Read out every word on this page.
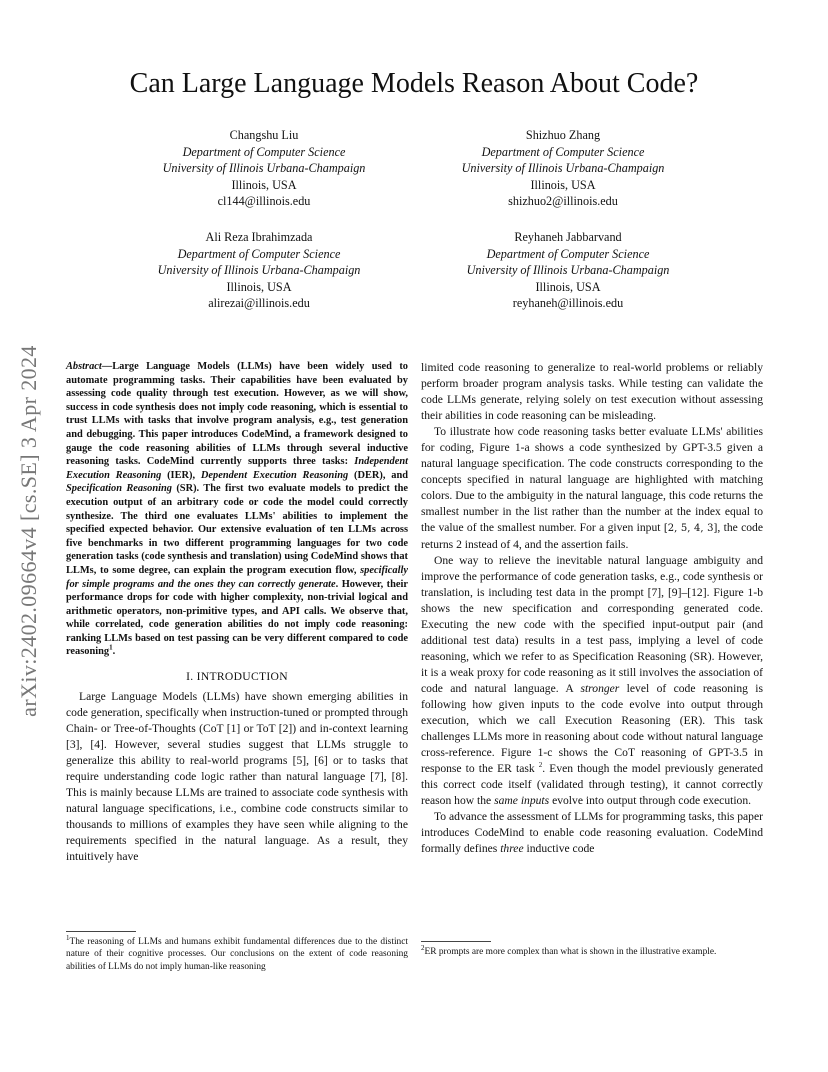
Can Large Language Models Reason About Code?
Changshu Liu
Department of Computer Science
University of Illinois Urbana-Champaign
Illinois, USA
cl144@illinois.edu
Shizhuo Zhang
Department of Computer Science
University of Illinois Urbana-Champaign
Illinois, USA
shizhuo2@illinois.edu
Ali Reza Ibrahimzada
Department of Computer Science
University of Illinois Urbana-Champaign
Illinois, USA
alirezai@illinois.edu
Reyhaneh Jabbarvand
Department of Computer Science
University of Illinois Urbana-Champaign
Illinois, USA
reyhaneh@illinois.edu
arXiv:2402.09664v4 [cs.SE] 3 Apr 2024 Abstract—Large Language Models (LLMs) have been widely used to automate programming tasks. Their capabilities have been evaluated by assessing code quality through test execution. However, as we will show, success in code synthesis does not imply code reasoning, which is essential to trust LLMs with tasks that involve program analysis, e.g., test generation and debugging. This paper introduces CodeMind, a framework designed to gauge the code reasoning abilities of LLMs through several inductive reasoning tasks. CodeMind currently supports three tasks: Independent Execution Reasoning (IER), Dependent Execution Reasoning (DER), and Specification Reasoning (SR). The first two evaluate models to predict the execution output of an arbitrary code or code the model could correctly synthesize. The third one evaluates LLMs' abilities to implement the specified expected behavior. Our extensive evaluation of ten LLMs across five benchmarks in two different programming languages for two code generation tasks (code synthesis and translation) using CodeMind shows that LLMs, to some degree, can explain the program execution flow, specifically for simple programs and the ones they can correctly generate. However, their performance drops for code with higher complexity, non-trivial logical and arithmetic operators, non-primitive types, and API calls. We observe that, while correlated, code generation abilities do not imply code reasoning: ranking LLMs based on test passing can be very different compared to code reasoning$^1$.

I. INTRODUCTION

Large Language Models (LLMs) have shown emerging abilities in code generation, specifically when instruction-tuned or prompted through Chain- or Tree-of-Thoughts (CoT [1] or ToT [2]) and in-context learning [3], [4]. However, several studies suggest that LLMs struggle to generalize this ability to real-world programs [5], [6] or to tasks that require understanding code logic rather than natural language [7], [8]. This is mainly because LLMs are trained to associate code synthesis with natural language specifications, i.e., combine code constructs similar to thousands to millions of examples they have seen while aligning to the requirements specified in the natural language. As a result, they intuitively have

limited code reasoning to generalize to real-world problems or reliably perform broader program analysis tasks. While testing can validate the code LLMs generate, relying solely on test execution without assessing their abilities in code reasoning can be misleading.

To illustrate how code reasoning tasks better evaluate LLMs' abilities for coding, Figure 1-a shows a code synthesized by GPT-3.5 given a natural language specification. The code constructs corresponding to the concepts specified in natural language are highlighted with matching colors. Due to the ambiguity in the natural language, this code returns the smallest number in the list rather than the number at the index equal to the value of the smallest number. For a given input [2, 5, 4, 3], the code returns 2 instead of 4, and the assertion fails.

One way to relieve the inevitable natural language ambiguity and improve the performance of code generation tasks, e.g., code synthesis or translation, is including test data in the prompt [7], [9]–[12]. Figure 1-b shows the new specification and corresponding generated code. Executing the new code with the specified input-output pair (and additional test data) results in a test pass, implying a level of code reasoning, which we refer to as Specification Reasoning (SR). However, it is a weak proxy for code reasoning as it still involves the association of code and natural language. A stronger level of code reasoning is following how given inputs to the code evolve into output through execution, which we call Execution Reasoning (ER). This task challenges LLMs more in reasoning about code without natural language cross-reference. Figure 1-c shows the CoT reasoning of GPT-3.5 in response to the ER task $^2$. Even though the model previously generated this correct code itself (validated through testing), it cannot correctly reason how the same inputs evolve into output through code execution.

To advance the assessment of LLMs for programming tasks, this paper introduces CodeMind to enable code reasoning evaluation. CodeMind formally defines three inductive code

$^1$The reasoning of LLMs and humans exhibit fundamental differences due to the distinct nature of their cognitive processes. Our conclusions on the extent of code reasoning abilities of LLMs do not imply human-like reasoning
$^2$ER prompts are more complex than what is shown in the illustrative example.
